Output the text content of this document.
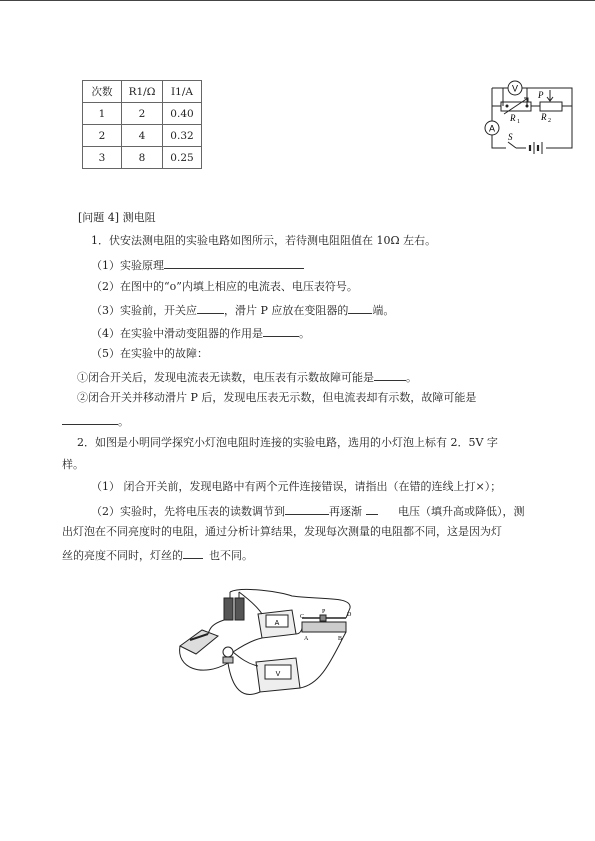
次数	R1/Ω	I1/A
1	2	0.40
2	4	0.32
3	8	0.25
V
A
R 1 R 2
P
S
[问题 4] 测电阻
1．伏安法测电阻的实验电路如图所示，若待测电阻阻值在 10Ω 左右。
（1）实验原理
（2）在图中的“o”内填上相应的电流表、电压表符号。
（3）实验前，开关应 ，滑片 P 应放在变阻器的 端。
（4）在实验中滑动变阻器的作用是	。
（5）在实验中的故障：
①闭合开关后，发现电流表无读数，电压表有示数故障可能是	。
②闭合开关并移动滑片 P 后，发现电压表无示数，但电流表却有示数，故障可能是
。
2．如图是小明同学探究小灯泡电阻时连接的实验电路，选用的小灯泡上标有 2．5V 字
样。
（1） 闭合开关前，发现电路中有两个元件连接错误，请指出（在错的连线上打×）；
（2）实验时，先将电压表的读数调节到	再逐渐	电压（填升高或降低），测
出灯泡在不同亮度时的电阻，通过分析计算结果，发现每次测量的电阻都不同，这是因为灯
丝的亮度不同时，灯丝的 也不同。
A
V
C	D
P
A	B
